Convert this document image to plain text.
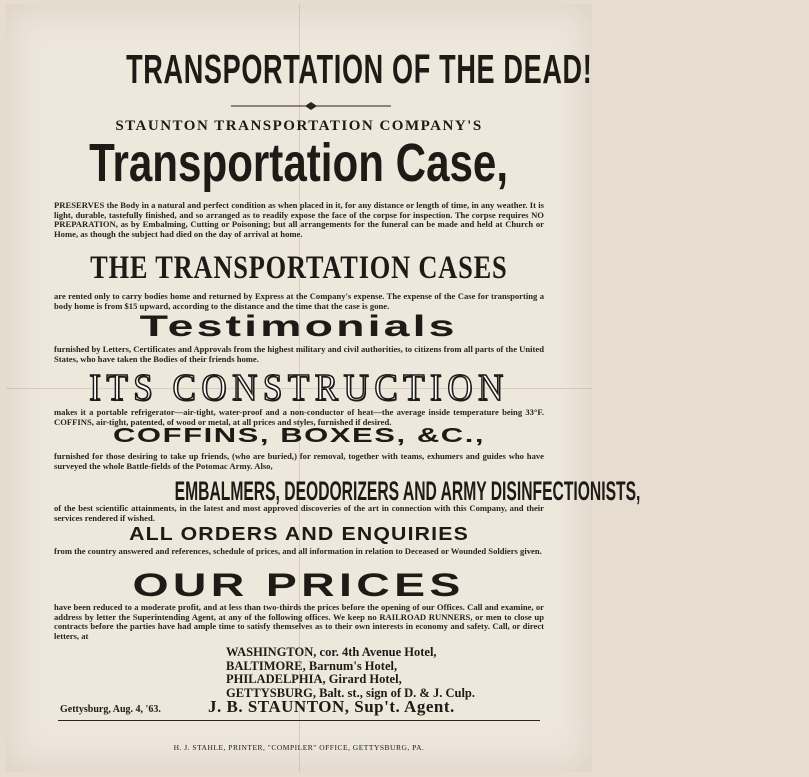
TRANSPORTATION OF THE DEAD!
STAUNTON TRANSPORTATION COMPANY'S
Transportation Case,
PRESERVES the Body in a natural and perfect condition as when placed in it, for any distance or length of time, in any weather. It is light, durable, tastefully finished, and so arranged as to readily expose the face of the corpse for inspection. The corpse requires NO PREPARATION, as by Embalming, Cutting or Poisoning; but all arrangements for the funeral can be made and held at Church or Home, as though the subject had died on the day of arrival at home.
THE TRANSPORTATION CASES
are rented only to carry bodies home and returned by Express at the Company's expense. The expense of the Case for transporting a body home is from $15 upward, according to the distance and the time that the case is gone.
Testimonials
furnished by Letters, Certificates and Approvals from the highest military and civil authorities, to citizens from all parts of the United States, who have taken the Bodies of their friends home.
ITS CONSTRUCTION
makes it a portable refrigerator—air-tight, water-proof and a non-conductor of heat—the average inside temperature being 33°F. COFFINS, air-tight, patented, of wood or metal, at all prices and styles, furnished if desired.
COFFINS, BOXES, &C.,
furnished for those desiring to take up friends, (who are buried,) for removal, together with teams, exhumers and guides who have surveyed the whole Battle-fields of the Potomac Army. Also,
EMBALMERS, DEODORIZERS AND ARMY DISINFECTIONISTS,
of the best scientific attainments, in the latest and most approved discoveries of the art in connection with this Company, and their services rendered if wished.
ALL ORDERS AND ENQUIRIES
from the country answered and references, schedule of prices, and all information in relation to Deceased or Wounded Soldiers given.
OUR PRICES
have been reduced to a moderate profit, and at less than two-thirds the prices before the opening of our Offices. Call and examine, or address by letter the Superintending Agent, at any of the following offices. We keep no RAILROAD RUNNERS, or men to close up contracts before the parties have had ample time to satisfy themselves as to their own interests in economy and safety. Call, or direct letters, at
WASHINGTON, cor. 4th Avenue Hotel,
BALTIMORE, Barnum's Hotel,
PHILADELPHIA, Girard Hotel,
GETTYSBURG, Balt. st., sign of D. & J. Culp.
Gettysburg, Aug. 4, '63.	J. B. STAUNTON, Sup't. Agent.
H. J. STAHLE, PRINTER, "COMPILER" OFFICE, GETTYSBURG, PA.
